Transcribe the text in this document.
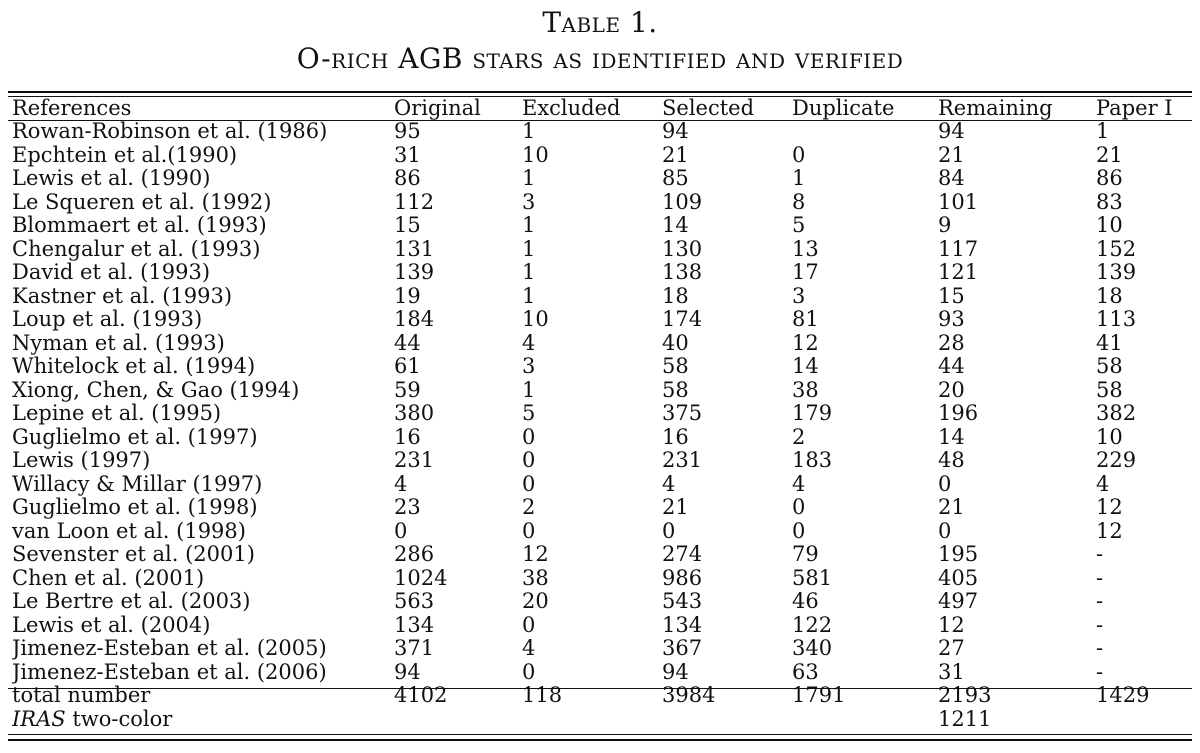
Table 1.
O-rich AGB stars as identified and verified
References	Original	Excluded	Selected	Duplicate	Remaining	Paper I
Rowan-Robinson et al. (1986)	95	1	94		94	1
Epchtein et al.(1990)	31	10	21	0	21	21
Lewis et al. (1990)	86	1	85	1	84	86
Le Squeren et al. (1992)	112	3	109	8	101	83
Blommaert et al. (1993)	15	1	14	5	9	10
Chengalur et al. (1993)	131	1	130	13	117	152
David et al. (1993)	139	1	138	17	121	139
Kastner et al. (1993)	19	1	18	3	15	18
Loup et al. (1993)	184	10	174	81	93	113
Nyman et al. (1993)	44	4	40	12	28	41
Whitelock et al. (1994)	61	3	58	14	44	58
Xiong, Chen, & Gao (1994)	59	1	58	38	20	58
Lepine et al. (1995)	380	5	375	179	196	382
Guglielmo et al. (1997)	16	0	16	2	14	10
Lewis (1997)	231	0	231	183	48	229
Willacy & Millar (1997)	4	0	4	4	0	4
Guglielmo et al. (1998)	23	2	21	0	21	12
van Loon et al. (1998)	0	0	0	0	0	12
Sevenster et al. (2001)	286	12	274	79	195	-
Chen et al. (2001)	1024	38	986	581	405	-
Le Bertre et al. (2003)	563	20	543	46	497	-
Lewis et al. (2004)	134	0	134	122	12	-
Jimenez-Esteban et al. (2005)	371	4	367	340	27	-
Jimenez-Esteban et al. (2006)	94	0	94	63	31	-
total number	4102	118	3984	1791	2193	1429
IRAS two-color					1211	
